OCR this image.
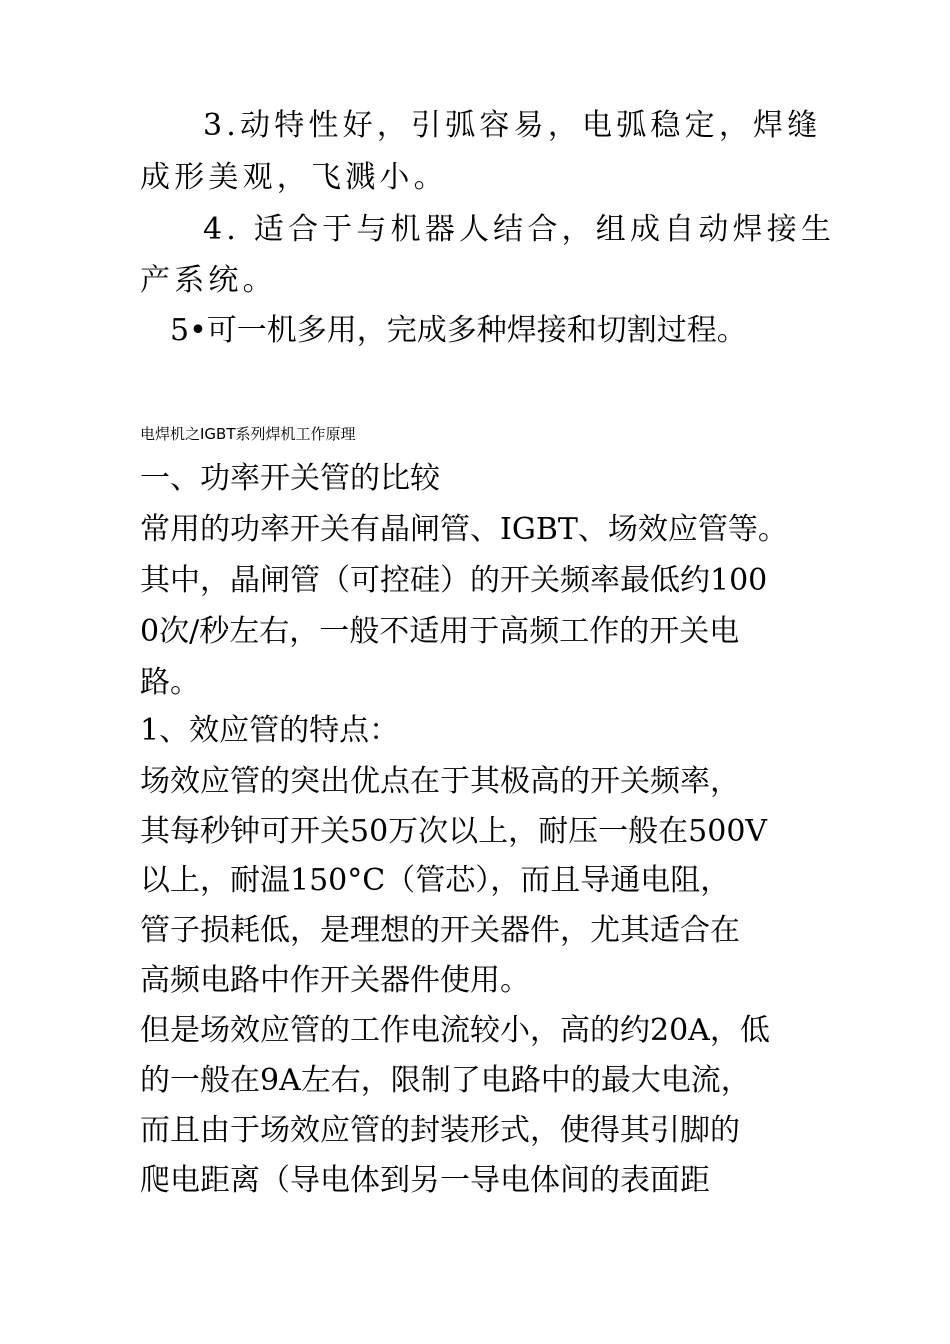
3.动特性好，引弧容易，电弧稳定，焊缝

成形美观，飞溅小。

4. 适合于与机器人结合，组成自动焊接生

产系统。

5•可一机多用，完成多种焊接和切割过程。

电焊机之IGBT系列焊机工作原理

一、功率开关管的比较

常用的功率开关有晶闸管、IGBT、场效应管等。

其中，晶闸管（可控硅）的开关频率最低约100

0次/秒左右，一般不适用于高频工作的开关电

路。

1、效应管的特点：

场效应管的突出优点在于其极高的开关频率，

其每秒钟可开关50万次以上，耐压一般在500V

以上，耐温150°C（管芯），而且导通电阻，

管子损耗低，是理想的开关器件，尤其适合在

高频电路中作开关器件使用。

但是场效应管的工作电流较小，高的约20A，低

的一般在9A左右，限制了电路中的最大电流，

而且由于场效应管的封装形式，使得其引脚的

爬电距离（导电体到另一导电体间的表面距
